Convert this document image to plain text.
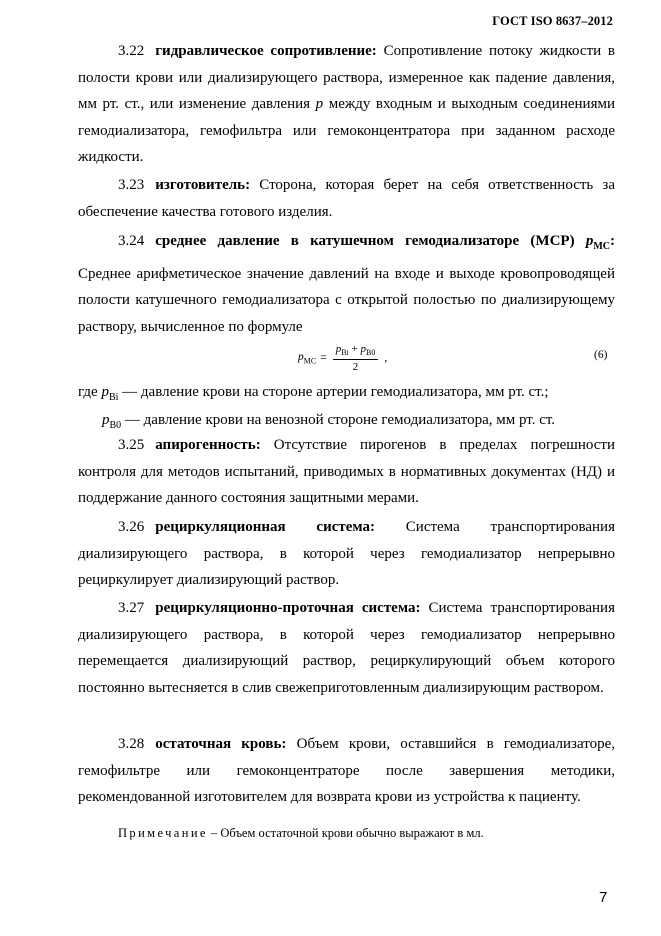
ГОСТ ISO 8637–2012

3.22 гидравлическое сопротивление: Сопротивление потоку жидкости в полости крови или диализирующего раствора, измеренное как падение давления, мм рт. ст., или изменение давления p между входным и выходным соединениями гемодиализатора, гемофильтра или гемоконцентратора при заданном расходе жидкости.

3.23 изготовитель: Сторона, которая берет на себя ответственность за обеспечение качества готового изделия.

3.24 среднее давление в катушечном гемодиализаторе (MCP) $p_{MC}$: Среднее арифметическое значение давлений на входе и выходе кровопроводящей полости катушечного гемодиализатора с открытой полостью по диализирующему раствору, вычисленное по формуле

$p_{MC} = \frac{p_{Bi} + p_{B0}}{2}$ ,	(6)
где $p_{Bi}$ — давление крови на стороне артерии гемодиализатора, мм рт. ст.;
$p_{B0}$ — давление крови на венозной стороне гемодиализатора, мм рт. ст.

3.25 апирогенность: Отсутствие пирогенов в пределах погрешности контроля для методов испытаний, приводимых в нормативных документах (НД) и поддержание данного состояния защитными мерами.

3.26 рециркуляционная система: Система транспортирования диализирующего раствора, в которой через гемодиализатор непрерывно рециркулирует диализирующий раствор.

3.27 рециркуляционно-проточная система: Система транспортирования диализирующего раствора, в которой через гемодиализатор непрерывно перемещается диализирующий раствор, рециркулирующий объем которого постоянно вытесняется в слив свежеприготовленным диализирующим раствором.

3.28 остаточная кровь: Объем крови, оставшийся в гемодиализаторе, гемофильтре или гемоконцентраторе после завершения методики, рекомендованной изготовителем для возврата крови из устройства к пациенту.

Примечание – Объем остаточной крови обычно выражают в мл.
7
